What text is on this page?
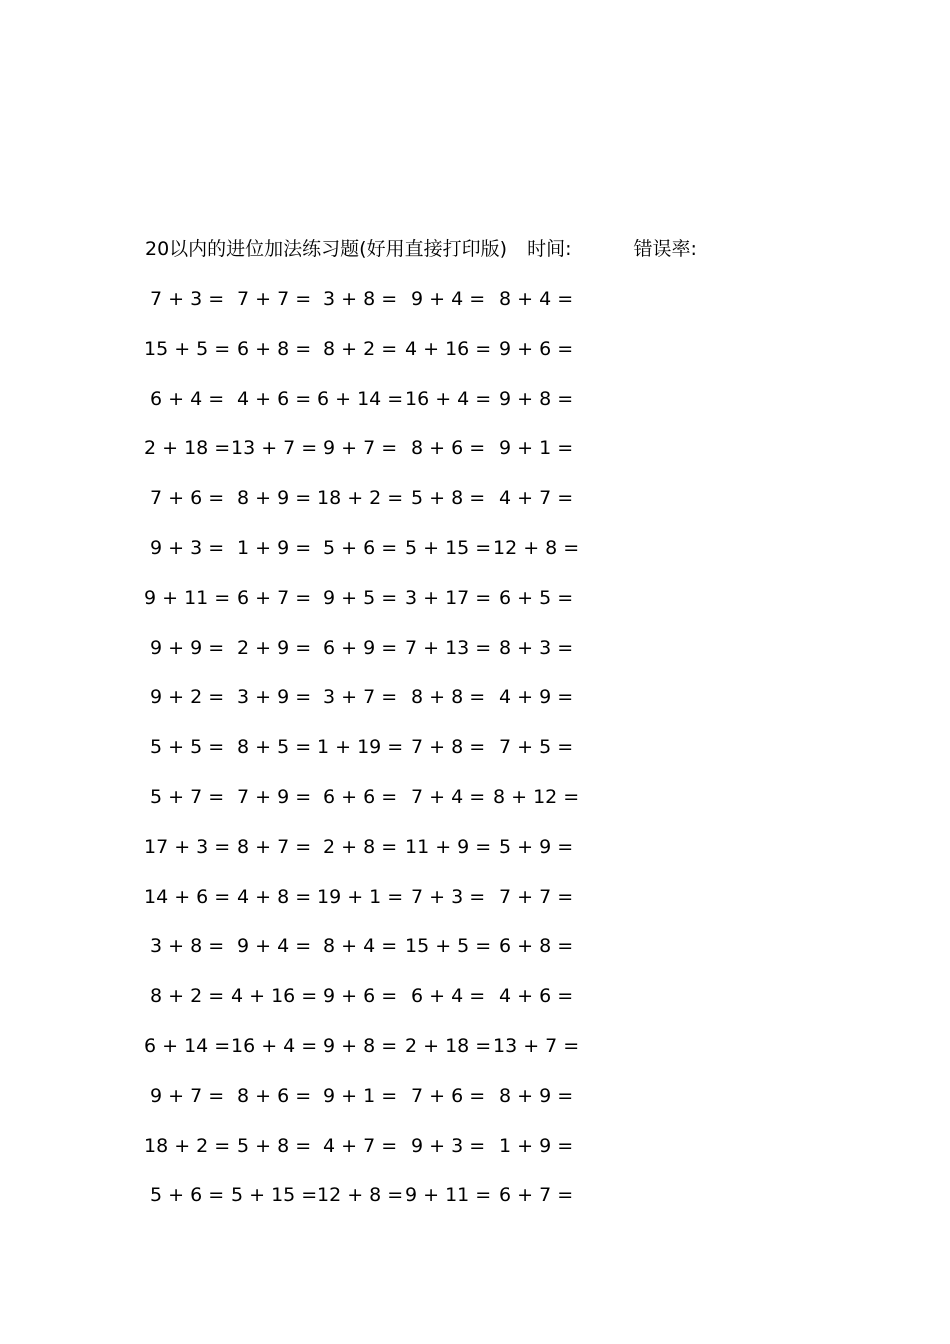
20以内的进位加法练习题(好用直接打印版) 时间:	错误率:
7 + 3 = 7 + 7 = 3 + 8 = 9 + 4 = 8 + 4 =
15 + 5 = 6 + 8 = 8 + 2 = 4 + 16 = 9 + 6 =
6 + 4 = 4 + 6 = 6 + 14 = 16 + 4 = 9 + 8 =
2 + 18 = 13 + 7 = 9 + 7 = 8 + 6 = 9 + 1 =
7 + 6 = 8 + 9 = 18 + 2 = 5 + 8 = 4 + 7 =
9 + 3 = 1 + 9 = 5 + 6 = 5 + 15 = 12 + 8 =
9 + 11 = 6 + 7 = 9 + 5 = 3 + 17 = 6 + 5 =
9 + 9 = 2 + 9 = 6 + 9 = 7 + 13 = 8 + 3 =
9 + 2 = 3 + 9 = 3 + 7 = 8 + 8 = 4 + 9 =
5 + 5 = 8 + 5 = 1 + 19 = 7 + 8 = 7 + 5 =
5 + 7 = 7 + 9 = 6 + 6 = 7 + 4 = 8 + 12 =
17 + 3 = 8 + 7 = 2 + 8 = 11 + 9 = 5 + 9 =
14 + 6 = 4 + 8 = 19 + 1 = 7 + 3 = 7 + 7 =
3 + 8 = 9 + 4 = 8 + 4 = 15 + 5 = 6 + 8 =
8 + 2 = 4 + 16 = 9 + 6 = 6 + 4 = 4 + 6 =
6 + 14 = 16 + 4 = 9 + 8 = 2 + 18 = 13 + 7 =
9 + 7 = 8 + 6 = 9 + 1 = 7 + 6 = 8 + 9 =
18 + 2 = 5 + 8 = 4 + 7 = 9 + 3 = 1 + 9 =
5 + 6 = 5 + 15 = 12 + 8 = 9 + 11 = 6 + 7 =
